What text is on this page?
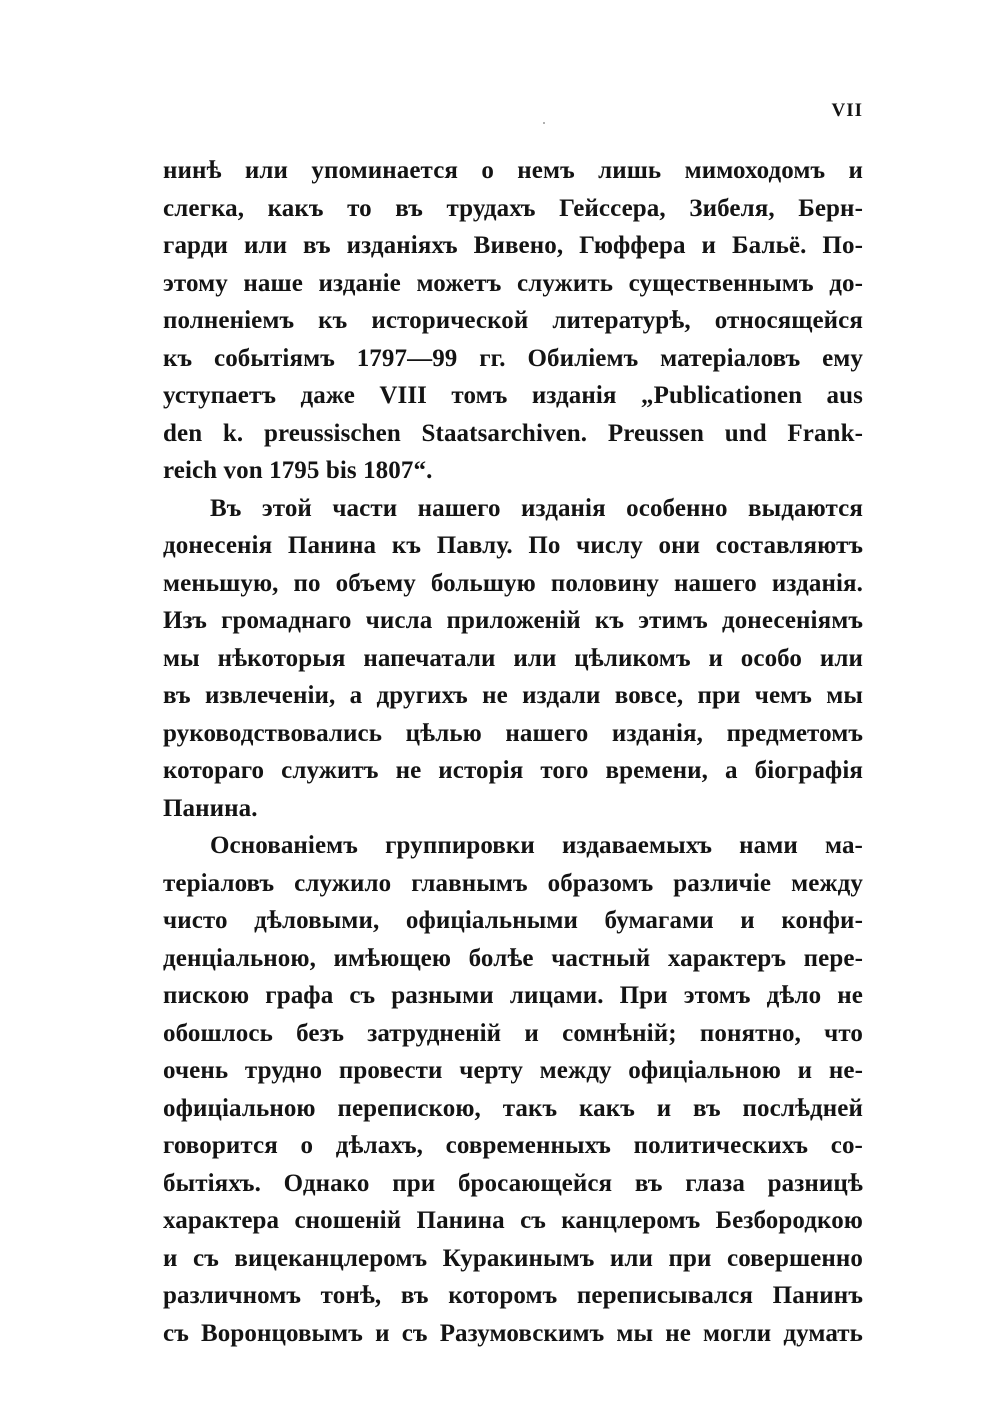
VII
нинѣ или упоминается о немъ лишь мимоходомъ и
слегка, какъ то въ трудахъ Гейссера, Зибеля, Берн-
гарди или въ изданіяхъ Вивено, Гюффера и Бальё. По-
этому наше изданіе можетъ служить существеннымъ до-
полненіемъ къ исторической литературѣ, относящейся
къ событіямъ 1797—99 гг. Обиліемъ матеріаловъ ему
уступаетъ даже VIII томъ изданія „Publicationen aus
den k. preussischen Staatsarchiven. Preussen und Frank-
reich von 1795 bis 1807“.
Въ этой части нашего изданія особенно выдаются
донесенія Панина къ Павлу. По числу они составляютъ
меньшую, по объему большую половину нашего изданія.
Изъ громаднаго числа приложеній къ этимъ донесеніямъ
мы нѣкоторыя напечатали или цѣликомъ и особо или
въ извлеченіи, а другихъ не издали вовсе, при чемъ мы
руководствовались цѣлью нашего изданія, предметомъ
котораго служитъ не исторія того времени, а біографія
Панина.
Основаніемъ группировки издаваемыхъ нами ма-
теріаловъ служило главнымъ образомъ различіе между
чисто дѣловыми, офиціальными бумагами и конфи-
денціальною, имѣющею болѣе частный характеръ пере-
пискою графа съ разными лицами. При этомъ дѣло не
обошлось безъ затрудненій и сомнѣній; понятно, что
очень трудно провести черту между офиціальною и не-
офиціальною перепискою, такъ какъ и въ послѣдней
говорится о дѣлахъ, современныхъ политическихъ со-
бытіяхъ. Однако при бросающейся въ глаза разницѣ
характера сношеній Панина съ канцлеромъ Безбородкою
и съ вицеканцлеромъ Куракинымъ или при совершенно
различномъ тонѣ, въ которомъ переписывался Панинъ
съ Воронцовымъ и съ Разумовскимъ мы не могли думать
